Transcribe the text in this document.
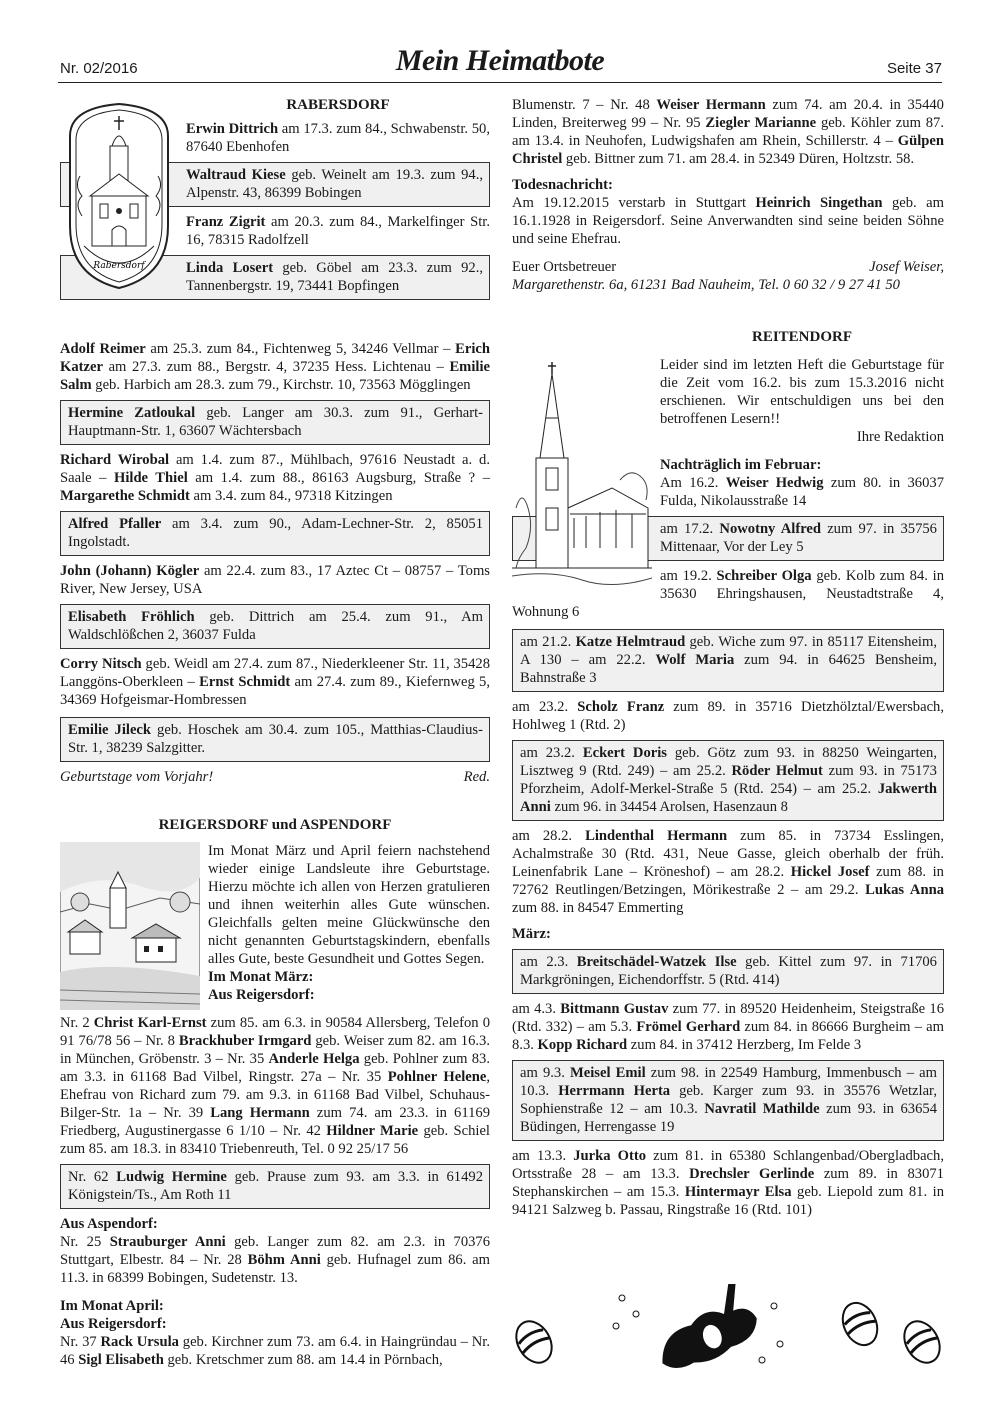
Nr. 02/2016	Mein Heimatbote	Seite 37
Rabersdorf

RABERSDORF

Erwin Dittrich am 17.3. zum 84., Schwabenstr. 50, 87640 Ebenhofen

Waltraud Kiese geb. Weinelt am 19.3. zum 94., Alpenstr. 43, 86399 Bobingen

Franz Zigrit am 20.3. zum 84., Markelfinger Str. 16, 78315 Radolfzell

Linda Losert geb. Göbel am 23.3. zum 92., Tannenbergstr. 19, 73441 Bopfingen

Adolf Reimer am 25.3. zum 84., Fichtenweg 5, 34246 Vellmar – Erich Katzer am 27.3. zum 88., Bergstr. 4, 37235 Hess. Lichtenau – Emilie Salm geb. Harbich am 28.3. zum 79., Kirchstr. 10, 73563 Mögglingen

Hermine Zatloukal geb. Langer am 30.3. zum 91., Gerhart-Hauptmann-Str. 1, 63607 Wächtersbach

Richard Wirobal am 1.4. zum 87., Mühlbach, 97616 Neustadt a. d. Saale – Hilde Thiel am 1.4. zum 88., 86163 Augsburg, Straße ? – Margarethe Schmidt am 3.4. zum 84., 97318 Kitzingen

Alfred Pfaller am 3.4. zum 90., Adam-Lechner-Str. 2, 85051 Ingolstadt.

John (Johann) Kögler am 22.4. zum 83., 17 Aztec Ct – 08757 – Toms River, New Jersey, USA

Elisabeth Fröhlich geb. Dittrich am 25.4. zum 91., Am Waldschlößchen 2, 36037 Fulda

Corry Nitsch geb. Weidl am 27.4. zum 87., Niederkleener Str. 11, 35428 Langgöns-Oberkleen – Ernst Schmidt am 27.4. zum 89., Kiefernweg 5, 34369 Hofgeismar-Hombressen

Emilie Jileck geb. Hoschek am 30.4. zum 105., Matthias-Claudius-Str. 1, 38239 Salzgitter.
Geburtstage vom Vorjahr!	Red.

REIGERSDORF und ASPENDORF

Im Monat März und April feiern nachstehend wieder einige Landsleute ihre Geburtstage. Hierzu möchte ich allen von Herzen gratulieren und ihnen weiterhin alles Gute wünschen. Gleichfalls gelten meine Glückwünsche den nicht genannten Geburtstagskindern, ebenfalls alles Gute, beste Gesundheit und Gottes Segen.

Im Monat März:

Aus Reigersdorf:

Nr. 2 Christ Karl-Ernst zum 85. am 6.3. in 90584 Allersberg, Telefon 0 91 76/78 56 – Nr. 8 Brackhuber Irmgard geb. Weiser zum 82. am 16.3. in München, Gröbenstr. 3 – Nr. 35 Anderle Helga geb. Pohlner zum 83. am 3.3. in 61168 Bad Vilbel, Ringstr. 27a – Nr. 35 Pohlner Helene, Ehefrau von Richard zum 79. am 9.3. in 61168 Bad Vilbel, Schuhaus-Bilger-Str. 1a – Nr. 39 Lang Hermann zum 74. am 23.3. in 61169 Friedberg, Augustinergasse 6 1/10 – Nr. 42 Hildner Marie geb. Schiel zum 85. am 18.3. in 83410 Triebenreuth, Tel. 0 92 25/17 56

Nr. 62 Ludwig Hermine geb. Prause zum 93. am 3.3. in 61492 Königstein/Ts., Am Roth 11

Aus Aspendorf:

Nr. 25 Strauburger Anni geb. Langer zum 82. am 2.3. in 70376 Stuttgart, Elbestr. 84 – Nr. 28 Böhm Anni geb. Hufnagel zum 86. am 11.3. in 68399 Bobingen, Sudetenstr. 13.

Im Monat April:

Aus Reigersdorf:

Nr. 37 Rack Ursula geb. Kirchner zum 73. am 6.4. in Haingründau – Nr. 46 Sigl Elisabeth geb. Kretschmer zum 88. am 14.4 in Pörnbach,

Blumenstr. 7 – Nr. 48 Weiser Hermann zum 74. am 20.4. in 35440 Linden, Breiterweg 99 – Nr. 95 Ziegler Marianne geb. Köhler zum 87. am 13.4. in Neuhofen, Ludwigshafen am Rhein, Schillerstr. 4 – Gülpen Christel geb. Bittner zum 71. am 28.4. in 52349 Düren, Holtzstr. 58.

Todesnachricht:

Am 19.12.2015 verstarb in Stuttgart Heinrich Singethan geb. am 16.1.1928 in Reigersdorf. Seine Anverwandten sind seine beiden Söhne und seine Ehefrau.

Euer Ortsbetreuer	Josef Weiser,

Margarethenstr. 6a, 61231 Bad Nauheim, Tel. 0 60 32 / 9 27 41 50

REITENDORF

Leider sind im letzten Heft die Geburtstage für die Zeit vom 16.2. bis zum 15.3.2016 nicht erschienen. Wir entschuldigen uns bei den betroffenen Lesern!!

Ihre Redaktion

Nachträglich im Februar:

Am 16.2. Weiser Hedwig zum 80. in 36037 Fulda, Nikolausstraße 14

am 17.2. Nowotny Alfred zum 97. in 35756 Mittenaar, Vor der Ley 5

am 19.2. Schreiber Olga geb. Kolb zum 84. in 35630 Ehringshausen, Neustadtstraße 4, Wohnung 6

am 21.2. Katze Helmtraud geb. Wiche zum 97. in 85117 Eitensheim, A 130 – am 22.2. Wolf Maria zum 94. in 64625 Bensheim, Bahnstraße 3

am 23.2. Scholz Franz zum 89. in 35716 Dietzhölztal/Ewersbach, Hohlweg 1 (Rtd. 2)

am 23.2. Eckert Doris geb. Götz zum 93. in 88250 Weingarten, Lisztweg 9 (Rtd. 249) – am 25.2. Röder Helmut zum 93. in 75173 Pforzheim, Adolf-Merkel-Straße 5 (Rtd. 254) – am 25.2. Jakwerth Anni zum 96. in 34454 Arolsen, Hasenzaun 8

am 28.2. Lindenthal Hermann zum 85. in 73734 Esslingen, Achalmstraße 30 (Rtd. 431, Neue Gasse, gleich oberhalb der früh. Leinenfabrik Lane – Kröneshof) – am 28.2. Hickel Josef zum 88. in 72762 Reutlingen/Betzingen, Mörikestraße 2 – am 29.2. Lukas Anna zum 88. in 84547 Emmerting

März:

am 2.3. Breitschädel-Watzek Ilse geb. Kittel zum 97. in 71706 Markgröningen, Eichendorffstr. 5 (Rtd. 414)

am 4.3. Bittmann Gustav zum 77. in 89520 Heidenheim, Steigstraße 16 (Rtd. 332) – am 5.3. Frömel Gerhard zum 84. in 86666 Burgheim – am 8.3. Kopp Richard zum 84. in 37412 Herzberg, Im Felde 3

am 9.3. Meisel Emil zum 98. in 22549 Hamburg, Immenbusch – am 10.3. Herrmann Herta geb. Karger zum 93. in 35576 Wetzlar, Sophienstraße 12 – am 10.3. Navratil Mathilde zum 93. in 63654 Büdingen, Herrengasse 19

am 13.3. Jurka Otto zum 81. in 65380 Schlangenbad/Obergladbach, Ortsstraße 28 – am 13.3. Drechsler Gerlinde zum 89. in 83071 Stephanskirchen – am 15.3. Hintermayr Elsa geb. Liepold zum 81. in 94121 Salzweg b. Passau, Ringstraße 16 (Rtd. 101)
